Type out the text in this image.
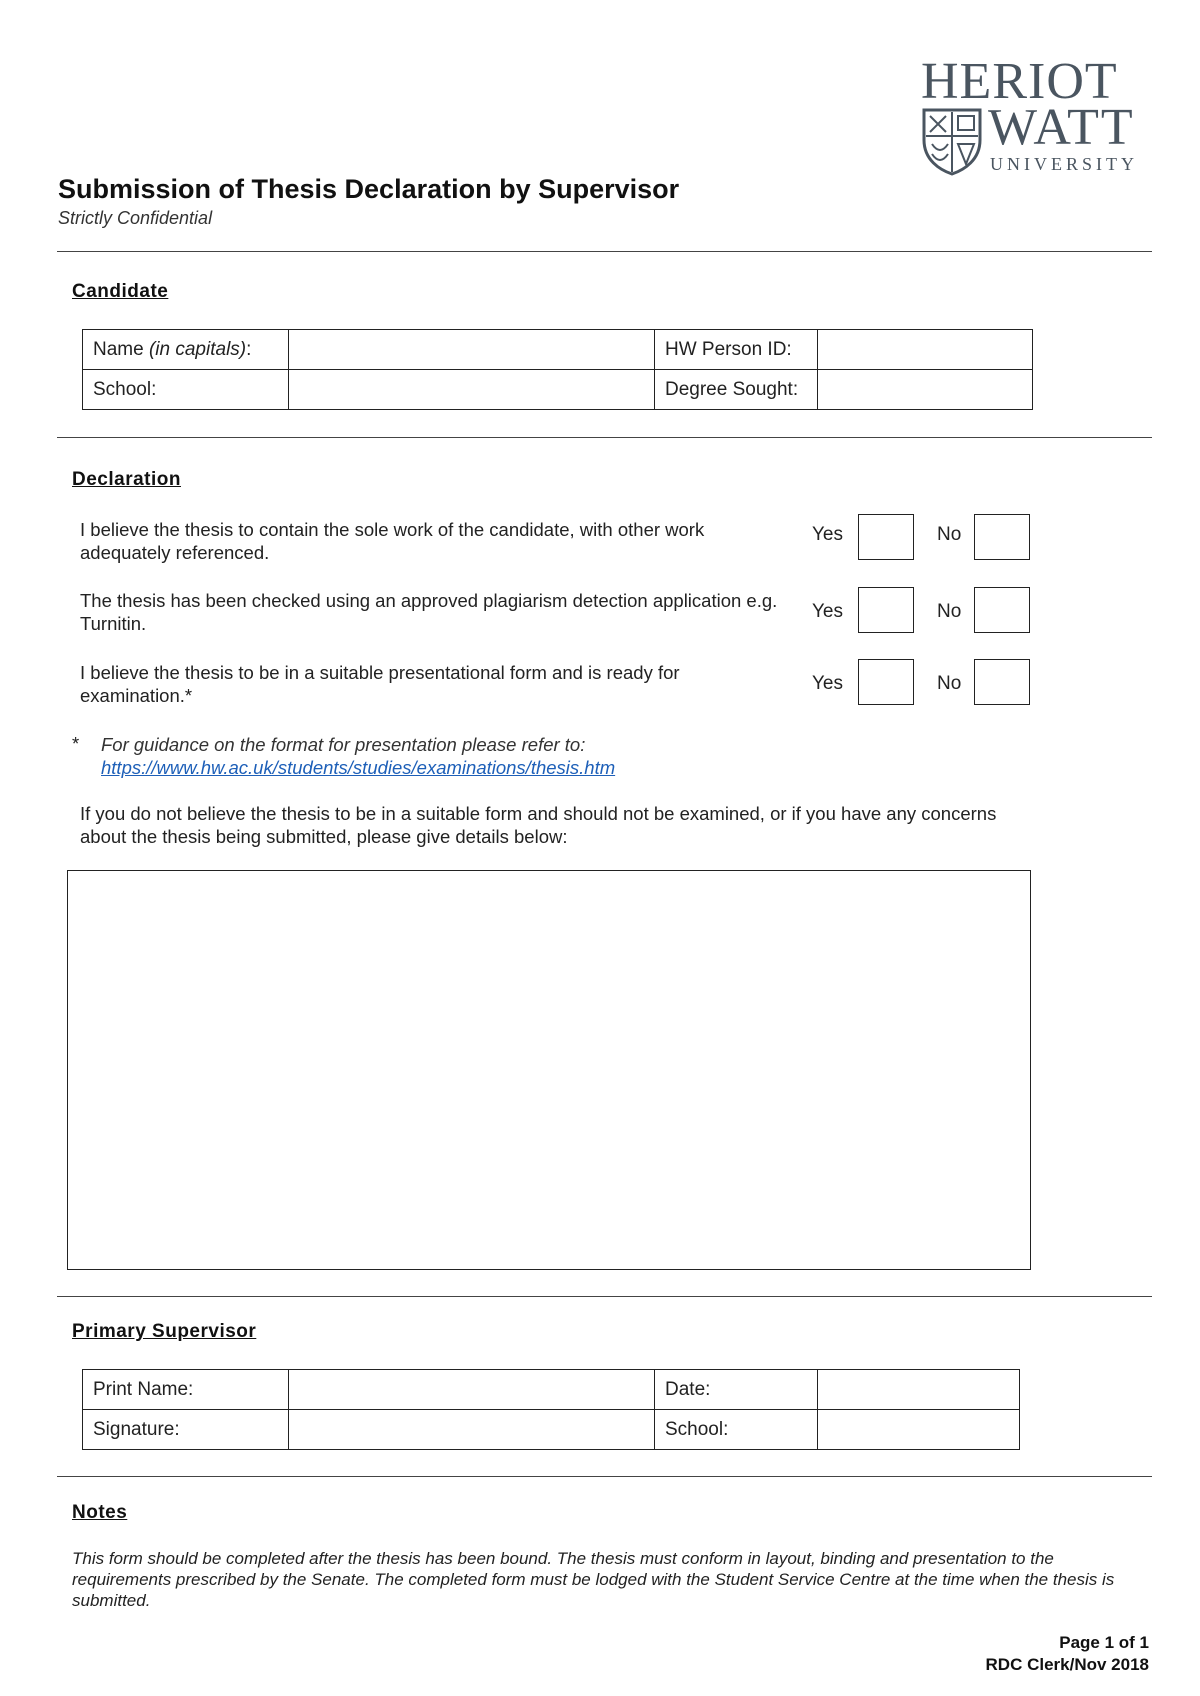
HERIOT
WATT
UNIVERSITY
Submission of Thesis Declaration by Supervisor
Strictly Confidential
Candidate
Name (in capitals):		HW Person ID:	
School:		Degree Sought:	
Declaration
I believe the thesis to contain the sole work of the candidate, with other work adequately referenced.
Yes	No
The thesis has been checked using an approved plagiarism detection application e.g. Turnitin.
Yes	No
I believe the thesis to be in a suitable presentational form and is ready for examination.*
Yes	No
* For guidance on the format for presentation please refer to:
https://www.hw.ac.uk/students/studies/examinations/thesis.htm
If you do not believe the thesis to be in a suitable form and should not be examined, or if you have any concerns about the thesis being submitted, please give details below:
Primary Supervisor
Print Name:		Date:	
Signature:		School:	
Notes
This form should be completed after the thesis has been bound. The thesis must conform in layout, binding and presentation to the requirements prescribed by the Senate. The completed form must be lodged with the Student Service Centre at the time when the thesis is submitted.
Page 1 of 1
RDC Clerk/Nov 2018
